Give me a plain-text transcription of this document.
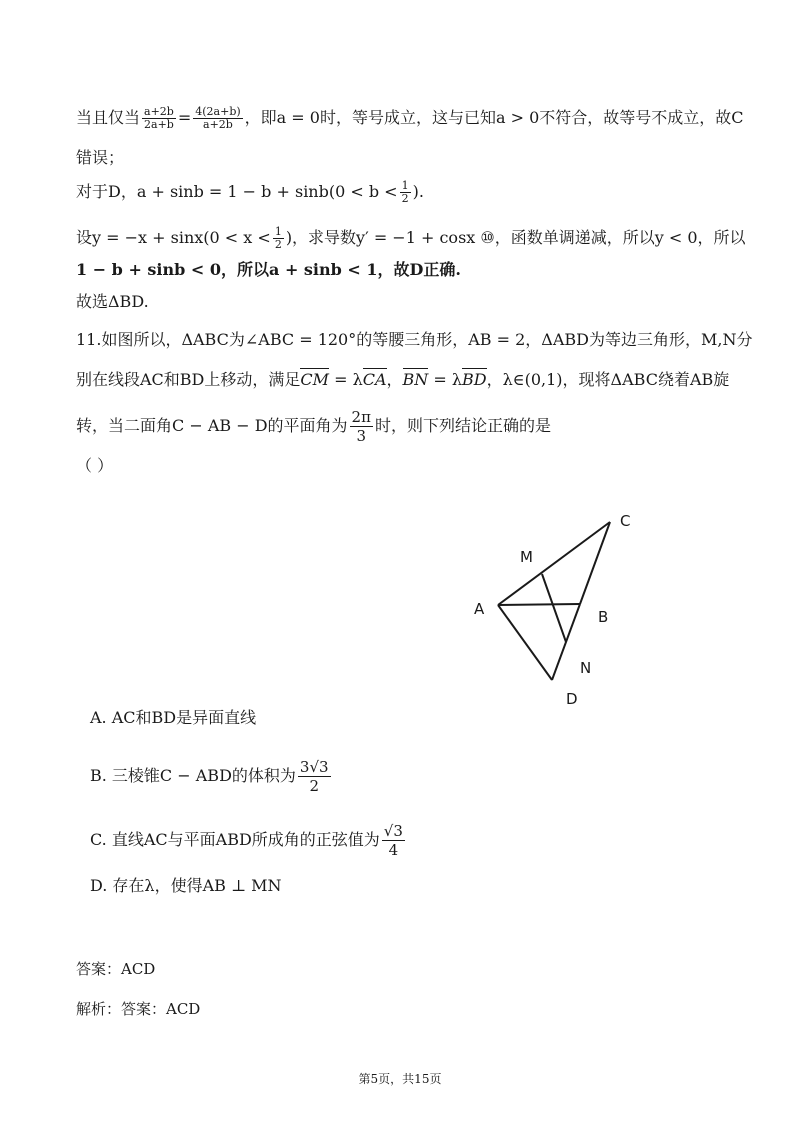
当且仅当 $\frac{a+2b}{2a+b} = \frac{4(2a+b)}{a+2b}$ ，即a = 0时，等号成立，这与已知a > 0不符合，故等号不成立，故C
错误；
对于D，$a + \sin b = 1 - b + \sin b(0 < b < \frac{1}{2}$ ).
设$y = -x + \sin x(0 < x < \frac{1}{2}$ )，求导数y′ = −1 + cosx ⑩，函数单调递减，所以y < 0，所以
1 − b + sinb < 0，所以a + sinb < 1，故D正确.
故选ΔBD.
11.如图所以，ΔABC为∠ABC = 120°的等腰三角形，AB = 2，ΔABD为等边三角形，M,N分
别在线段AC和BD上移动，满足CM = λCA，BN = λBD，λ∈(0,1)，现将ΔABC绕着AB旋
转，当二面角C − AB − D的平面角为 $\frac{2\pi}{3}$ 时，则下列结论正确的是
（ ）
C
M
A	B
N
D
A. AC和BD是异面直线
B. 三棱锥C − ABD的体积为 $\frac{3√3}{2}$
C. 直线AC与平面ABD所成角的正弦值为 $\frac{√3}{4}$
D. 存在λ，使得AB ⊥ MN
答案：ACD
解析：答案：ACD
第5页，共15页
